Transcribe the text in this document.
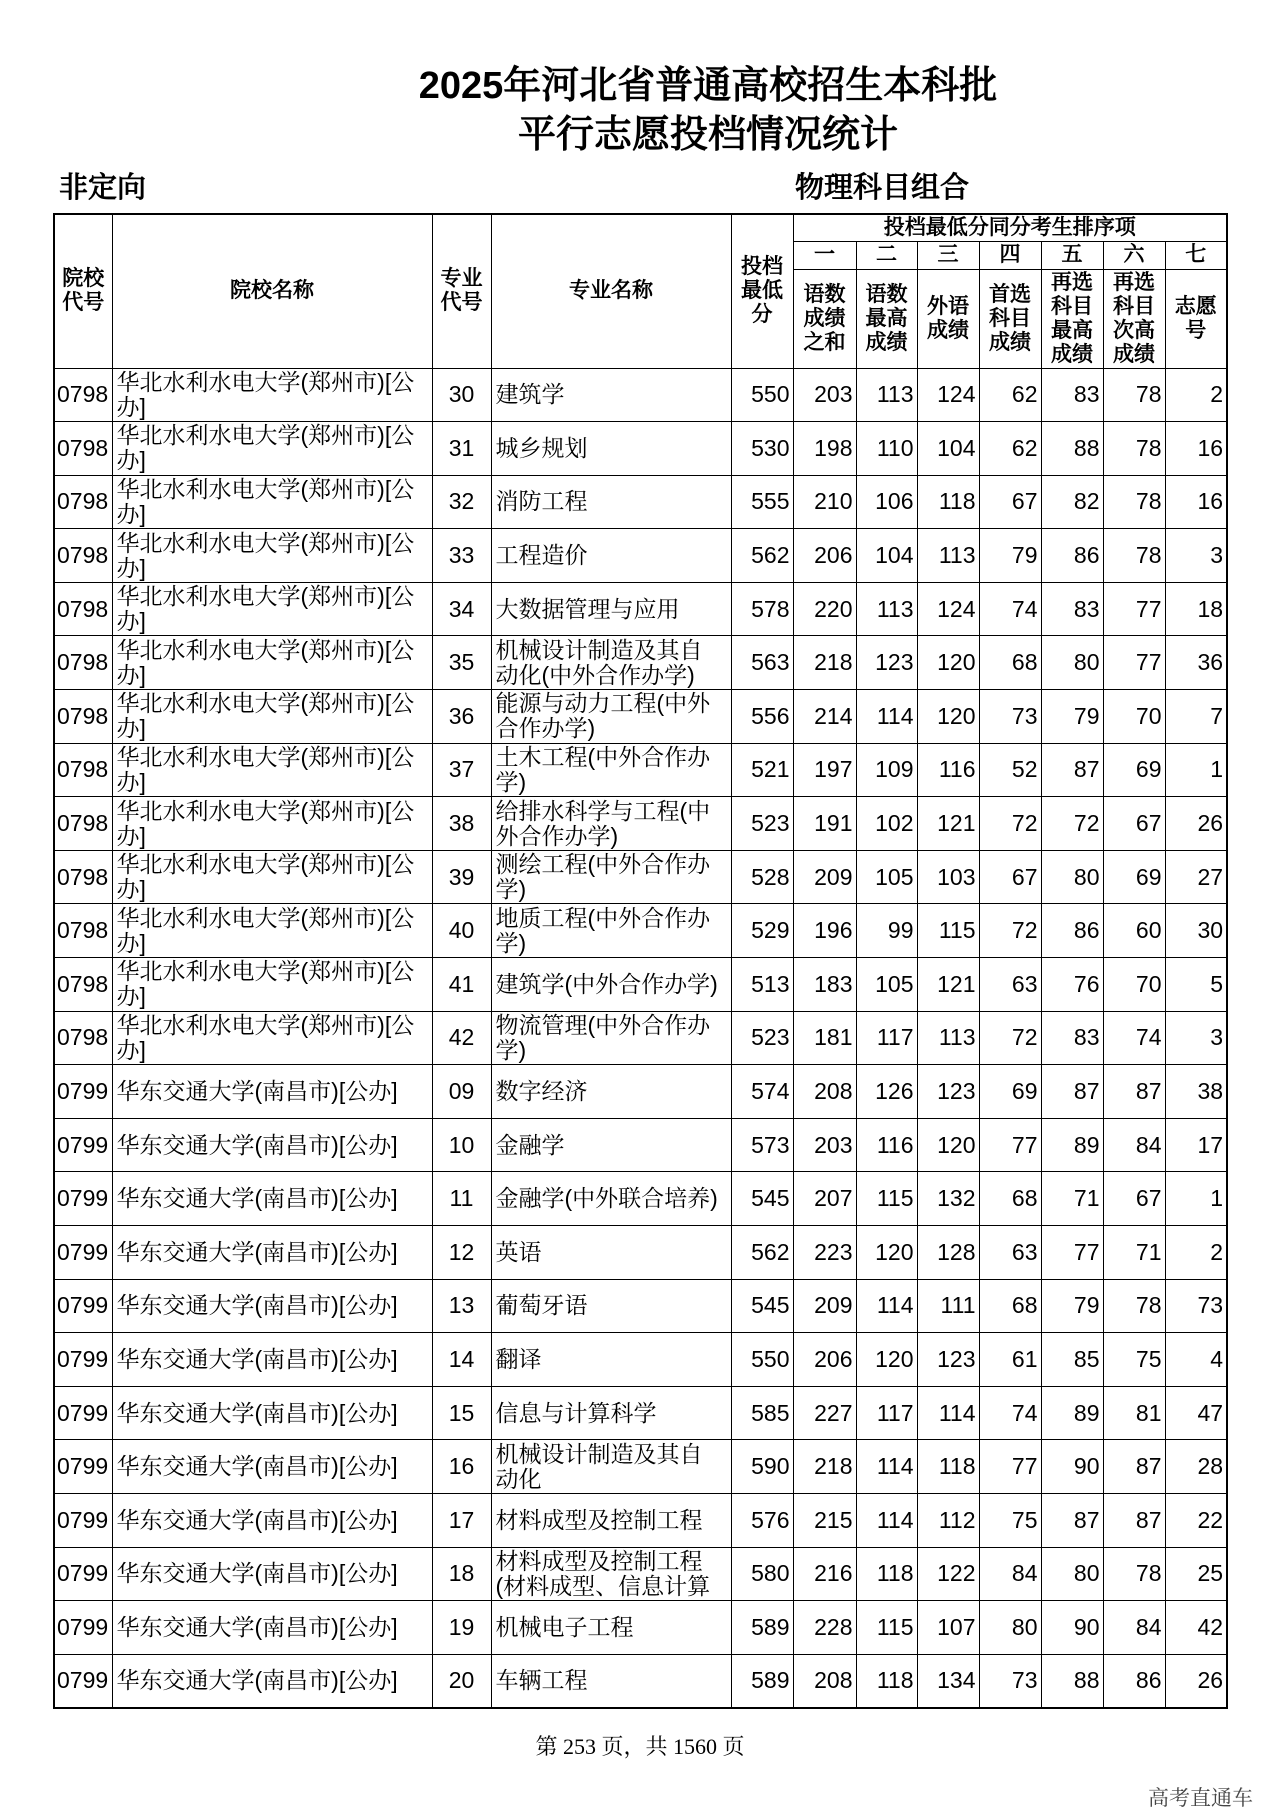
2025年河北省普通高校招生本科批
平行志愿投档情况统计
非定向	物理科目组合
院校代号	院校名称	专业代号	专业名称	投档最低分	投档最低分同分考生排序项						
					一	二	三	四	五	六	七
					语数成绩之和	语数最高成绩	外语成绩	首选科目成绩	再选科目最高成绩	再选科目次高成绩	志愿号
0798	华北水利水电大学(郑州市)[公办]	30	建筑学	550	203	113	124	62	83	78	2
0798	华北水利水电大学(郑州市)[公办]	31	城乡规划	530	198	110	104	62	88	78	16
0798	华北水利水电大学(郑州市)[公办]	32	消防工程	555	210	106	118	67	82	78	16
0798	华北水利水电大学(郑州市)[公办]	33	工程造价	562	206	104	113	79	86	78	3
0798	华北水利水电大学(郑州市)[公办]	34	大数据管理与应用	578	220	113	124	74	83	77	18
0798	华北水利水电大学(郑州市)[公办]	35	机械设计制造及其自动化(中外合作办学)	563	218	123	120	68	80	77	36
0798	华北水利水电大学(郑州市)[公办]	36	能源与动力工程(中外合作办学)	556	214	114	120	73	79	70	7
0798	华北水利水电大学(郑州市)[公办]	37	土木工程(中外合作办学)	521	197	109	116	52	87	69	1
0798	华北水利水电大学(郑州市)[公办]	38	给排水科学与工程(中外合作办学)	523	191	102	121	72	72	67	26
0798	华北水利水电大学(郑州市)[公办]	39	测绘工程(中外合作办学)	528	209	105	103	67	80	69	27
0798	华北水利水电大学(郑州市)[公办]	40	地质工程(中外合作办学)	529	196	99	115	72	86	60	30
0798	华北水利水电大学(郑州市)[公办]	41	建筑学(中外合作办学)	513	183	105	121	63	76	70	5
0798	华北水利水电大学(郑州市)[公办]	42	物流管理(中外合作办学)	523	181	117	113	72	83	74	3
0799	华东交通大学(南昌市)[公办]	09	数字经济	574	208	126	123	69	87	87	38
0799	华东交通大学(南昌市)[公办]	10	金融学	573	203	116	120	77	89	84	17
0799	华东交通大学(南昌市)[公办]	11	金融学(中外联合培养)	545	207	115	132	68	71	67	1
0799	华东交通大学(南昌市)[公办]	12	英语	562	223	120	128	63	77	71	2
0799	华东交通大学(南昌市)[公办]	13	葡萄牙语	545	209	114	111	68	79	78	73
0799	华东交通大学(南昌市)[公办]	14	翻译	550	206	120	123	61	85	75	4
0799	华东交通大学(南昌市)[公办]	15	信息与计算科学	585	227	117	114	74	89	81	47
0799	华东交通大学(南昌市)[公办]	16	机械设计制造及其自动化	590	218	114	118	77	90	87	28
0799	华东交通大学(南昌市)[公办]	17	材料成型及控制工程	576	215	114	112	75	87	87	22
0799	华东交通大学(南昌市)[公办]	18	材料成型及控制工程(材料成型、信息计算	580	216	118	122	84	80	78	25
0799	华东交通大学(南昌市)[公办]	19	机械电子工程	589	228	115	107	80	90	84	42
0799	华东交通大学(南昌市)[公办]	20	车辆工程	589	208	118	134	73	88	86	26
第 253 页，共 1560 页
高考直通车
